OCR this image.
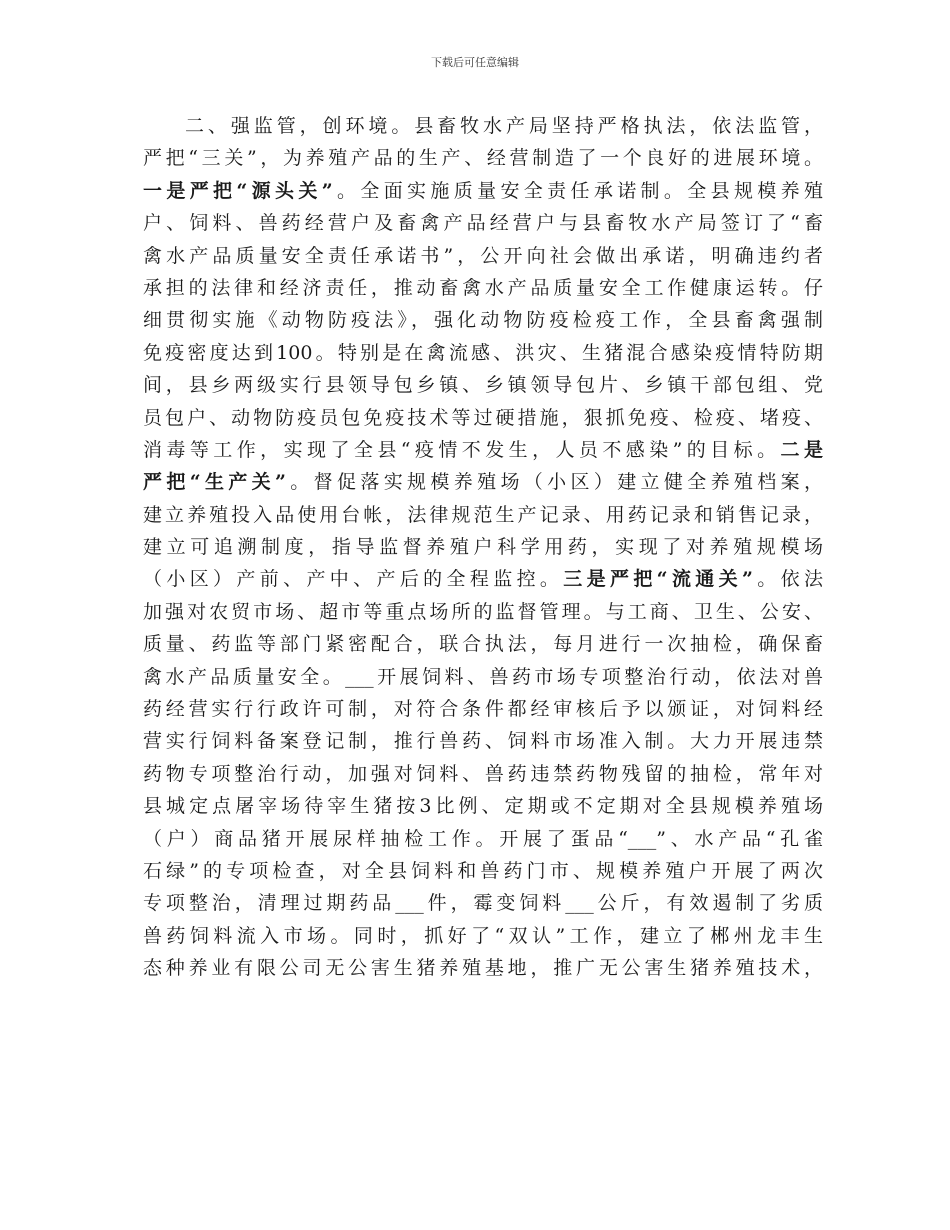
下载后可任意编辑
二、强监管，创环境。县畜牧水产局坚持严格执法，依法监管，
严把“三关”，为养殖产品的生产、经营制造了一个良好的进展环境。
一是严把“源头关”。全面实施质量安全责任承诺制。全县规模养殖
户、饲料、兽药经营户及畜禽产品经营户与县畜牧水产局签订了“畜
禽水产品质量安全责任承诺书”，公开向社会做出承诺，明确违约者
承担的法律和经济责任，推动畜禽水产品质量安全工作健康运转。仔
细贯彻实施《动物防疫法》，强化动物防疫检疫工作，全县畜禽强制
免疫密度达到100。特别是在禽流感、洪灾、生猪混合感染疫情特防期
间，县乡两级实行县领导包乡镇、乡镇领导包片、乡镇干部包组、党
员包户、动物防疫员包免疫技术等过硬措施，狠抓免疫、检疫、堵疫、
消毒等工作，实现了全县“疫情不发生，人员不感染”的目标。二是
严把“生产关”。督促落实规模养殖场（小区）建立健全养殖档案，
建立养殖投入品使用台帐，法律规范生产记录、用药记录和销售记录，
建立可追溯制度，指导监督养殖户科学用药，实现了对养殖规模场
（小区）产前、产中、产后的全程监控。三是严把“流通关”。依法
加强对农贸市场、超市等重点场所的监督管理。与工商、卫生、公安、
质量、药监等部门紧密配合，联合执法，每月进行一次抽检，确保畜
禽水产品质量安全。___开展饲料、兽药市场专项整治行动，依法对兽
药经营实行行政许可制，对符合条件都经审核后予以颁证，对饲料经
营实行饲料备案登记制，推行兽药、饲料市场准入制。大力开展违禁
药物专项整治行动，加强对饲料、兽药违禁药物残留的抽检，常年对
县城定点屠宰场待宰生猪按3比例、定期或不定期对全县规模养殖场
（户）商品猪开展尿样抽检工作。开展了蛋品“___”、水产品“孔雀
石绿”的专项检查，对全县饲料和兽药门市、规模养殖户开展了两次
专项整治，清理过期药品___件，霉变饲料___公斤，有效遏制了劣质
兽药饲料流入市场。同时，抓好了“双认”工作，建立了郴州龙丰生
态种养业有限公司无公害生猪养殖基地，推广无公害生猪养殖技术，
